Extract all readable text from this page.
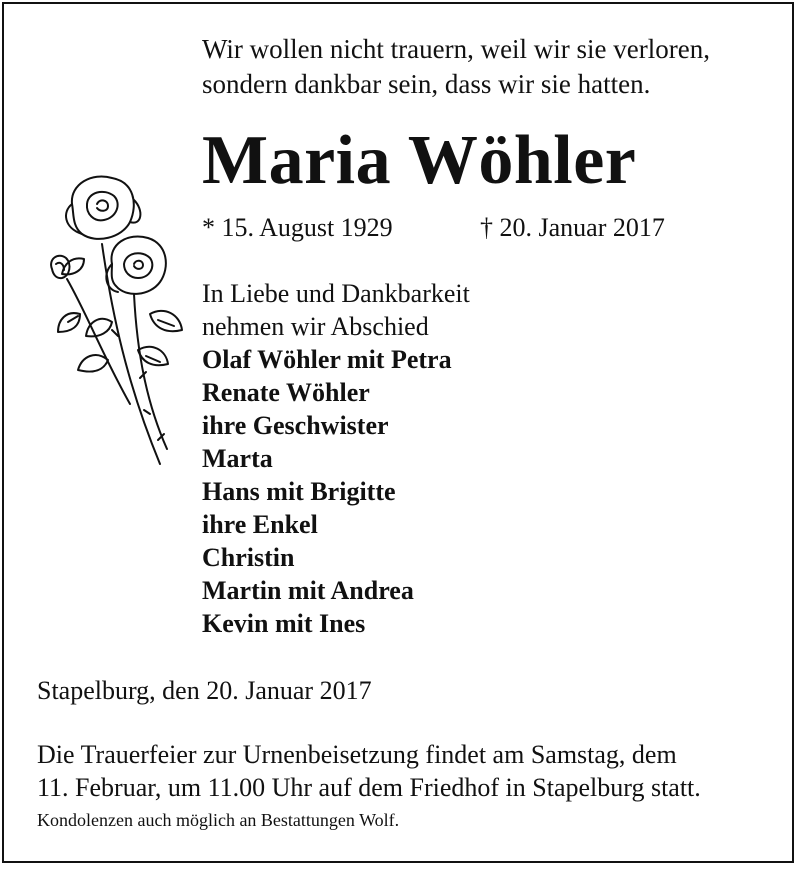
Wir wollen nicht trauern, weil wir sie verloren,
sondern dankbar sein, dass wir sie hatten.
Maria Wöhler
* 15. August 1929	† 20. Januar 2017
In Liebe und Dankbarkeit
nehmen wir Abschied
Olaf Wöhler mit Petra
Renate Wöhler
ihre Geschwister
Marta
Hans mit Brigitte
ihre Enkel
Christin
Martin mit Andrea
Kevin mit Ines
Stapelburg, den 20. Januar 2017
Die Trauerfeier zur Urnenbeisetzung findet am Samstag, dem
11. Februar, um 11.00 Uhr auf dem Friedhof in Stapelburg statt.
Kondolenzen auch möglich an Bestattungen Wolf.
